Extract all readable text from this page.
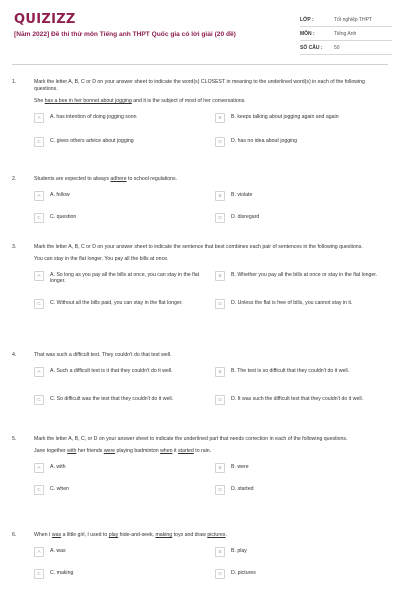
QUIZIZZ
[Năm 2022] Đề thi thử môn Tiếng anh THPT Quốc gia có lời giải (20 đề)
LỚP :	Tốt nghiệp THPT
MÔN :	Tiếng Anh
SỐ CÂU :	50
1.	Mark the letter A, B, C or D on your answer sheet to indicate the word(s) CLOSEST in meaning to the underlined word(s) in each of the following questions.
She has a bee in her bonnet about jogging and it is the subject of most of her conversations.
A	A. has intention of doing jogging soon	B	B. keeps talking about jogging again and again
C	C. gives others advice about jogging	D	D. has no idea about jogging
2.	Students are expected to always adhere to school regulations.
A	A. follow	B	B. violate
C	C. question	D	D. disregard
3.	Mark the letter A, B, C or D on your answer sheet to indicate the sentence that best combines each pair of sentences in the following questions.
You can stay in the flat longer. You pay all the bills at once.
A	A. So long as you pay all the bills at once, you can stay in the flat longer.
B	B. Whether you pay all the bills at once or stay in the flat longer.
C	C. Without all the bills paid, you can stay in the flat longer.	D	D. Unless the flat is free of bills, you cannot stay in it.
4.	That was such a difficult test. They couldn't do that test well.
A	A. Such a difficult test is it that they couldn't do it well.	B	B. The test is so difficult that they couldn't do it well.
C	C. So difficult was the test that they couldn't do it well.	D	D. It was such the difficult test that they couldn't do it well.
5.	Mark the letter A, B, C, or D on your answer sheet to indicate the underlined part that needs correction in each of the following questions.
Jane together with her friends were playing badminton when it started to rain.
A	A. with	B	B. were
C	C. when	D	D. started
6.	When I was a little girl, I used to play hide-and-seek, making toys and draw pictures.
A	A. was	B	B. play
C	C. making	D	D. pictures
